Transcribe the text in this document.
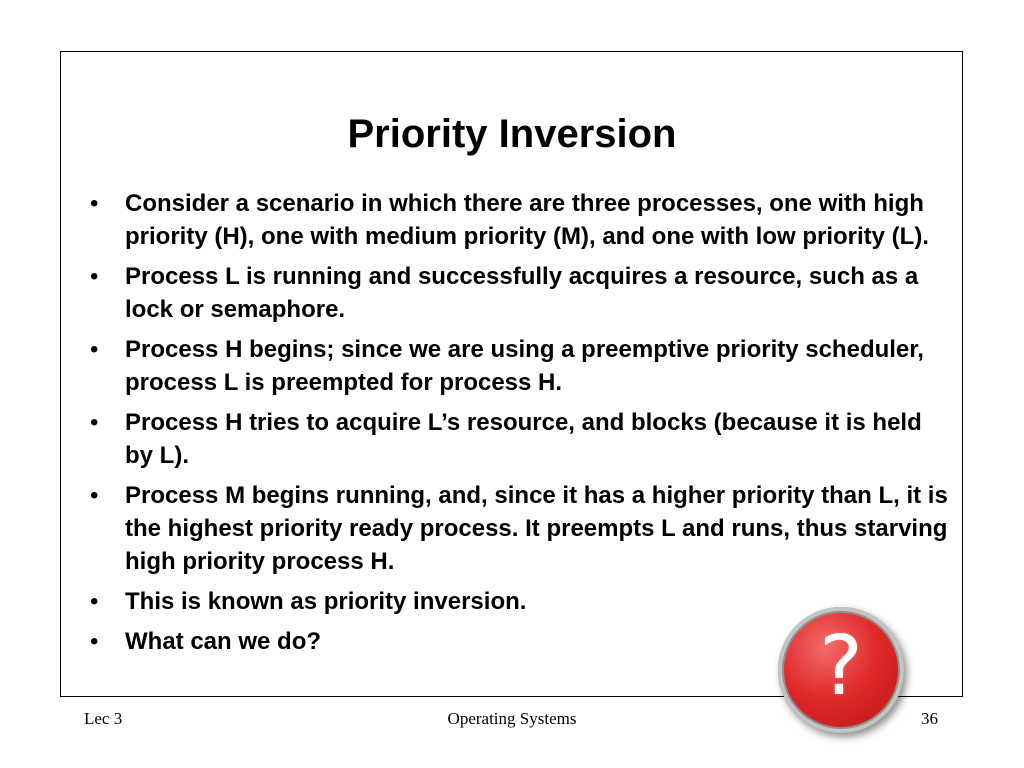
Priority Inversion
• Consider a scenario in which there are three processes, one with high priority (H), one with medium priority (M), and one with low priority (L).
• Process L is running and successfully acquires a resource, such as a lock or semaphore.
• Process H begins; since we are using a preemptive priority scheduler, process L is preempted for process H.
• Process H tries to acquire L’s resource, and blocks (because it is held by L).
• Process M begins running, and, since it has a higher priority than L, it is the highest priority ready process. It preempts L and runs, thus starving high priority process H.
• This is known as priority inversion.
• What can we do?	?
Lec 3	Operating Systems	36
